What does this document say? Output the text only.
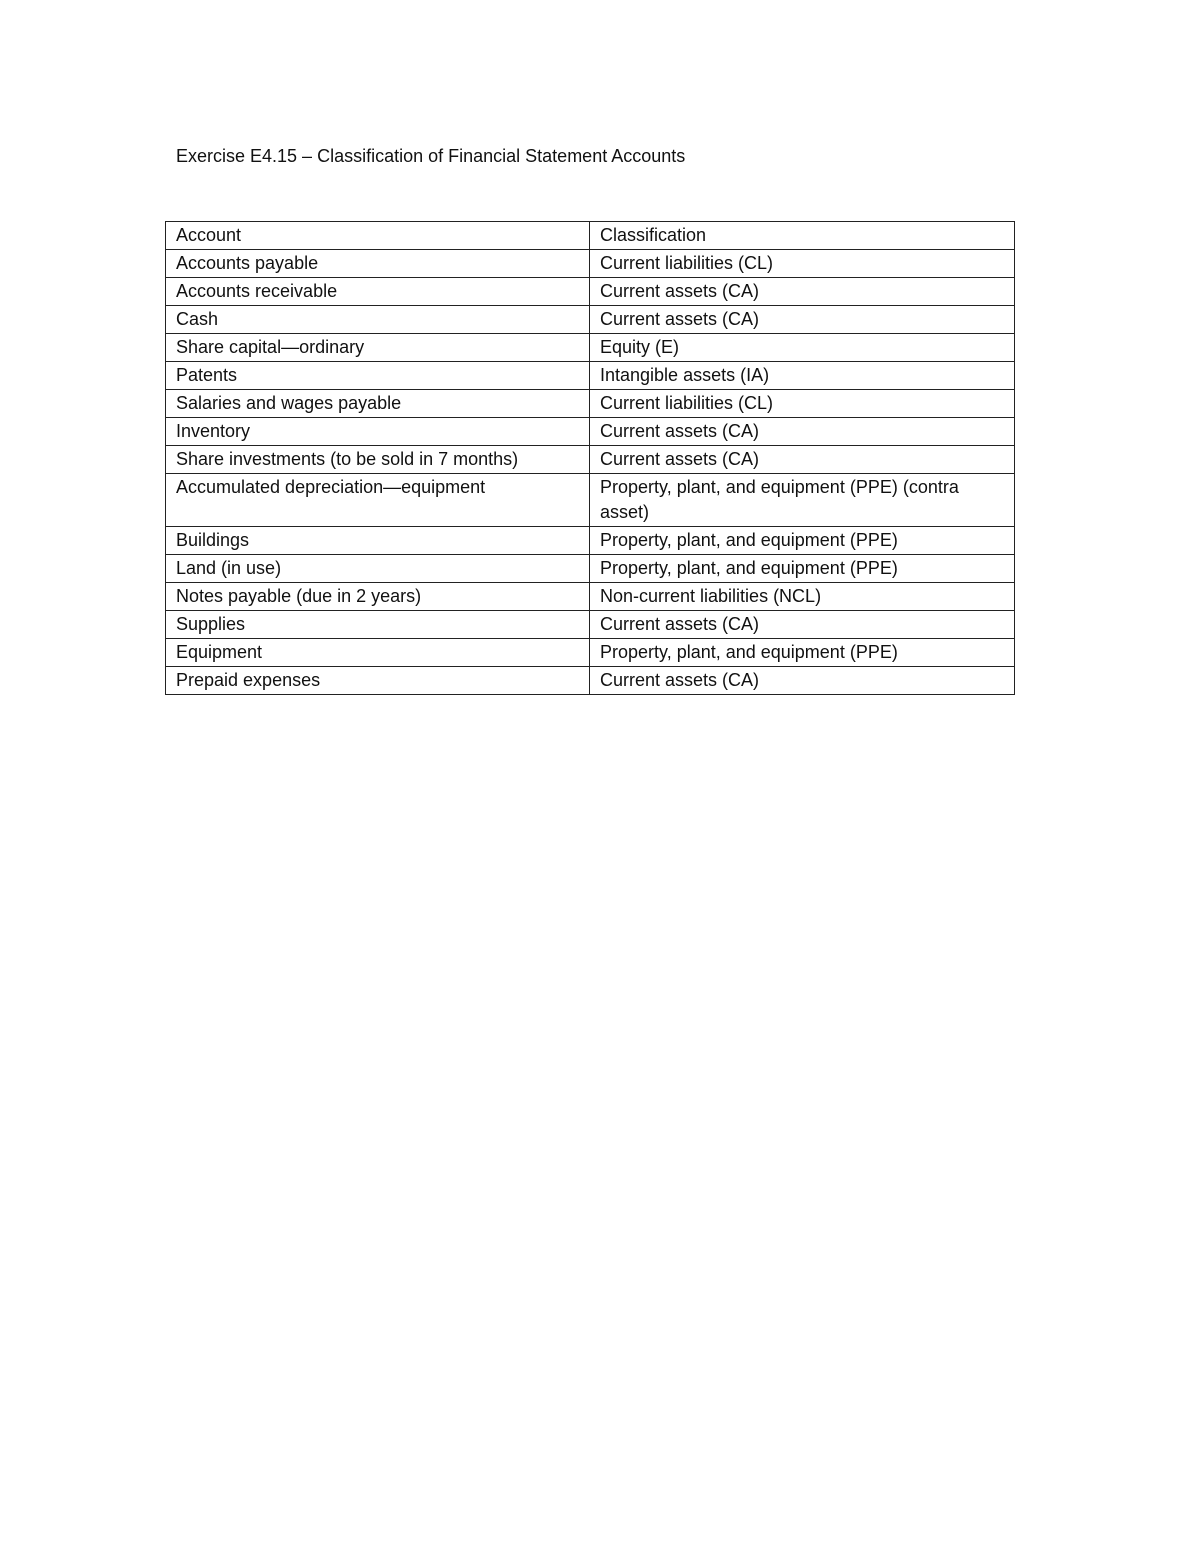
Exercise E4.15 – Classification of Financial Statement Accounts
Account	Classification
Accounts payable	Current liabilities (CL)
Accounts receivable	Current assets (CA)
Cash	Current assets (CA)
Share capital—ordinary	Equity (E)
Patents	Intangible assets (IA)
Salaries and wages payable	Current liabilities (CL)
Inventory	Current assets (CA)
Share investments (to be sold in 7 months)	Current assets (CA)
Accumulated depreciation—equipment	Property, plant, and equipment (PPE) (contra asset)
Buildings	Property, plant, and equipment (PPE)
Land (in use)	Property, plant, and equipment (PPE)
Notes payable (due in 2 years)	Non-current liabilities (NCL)
Supplies	Current assets (CA)
Equipment	Property, plant, and equipment (PPE)
Prepaid expenses	Current assets (CA)
